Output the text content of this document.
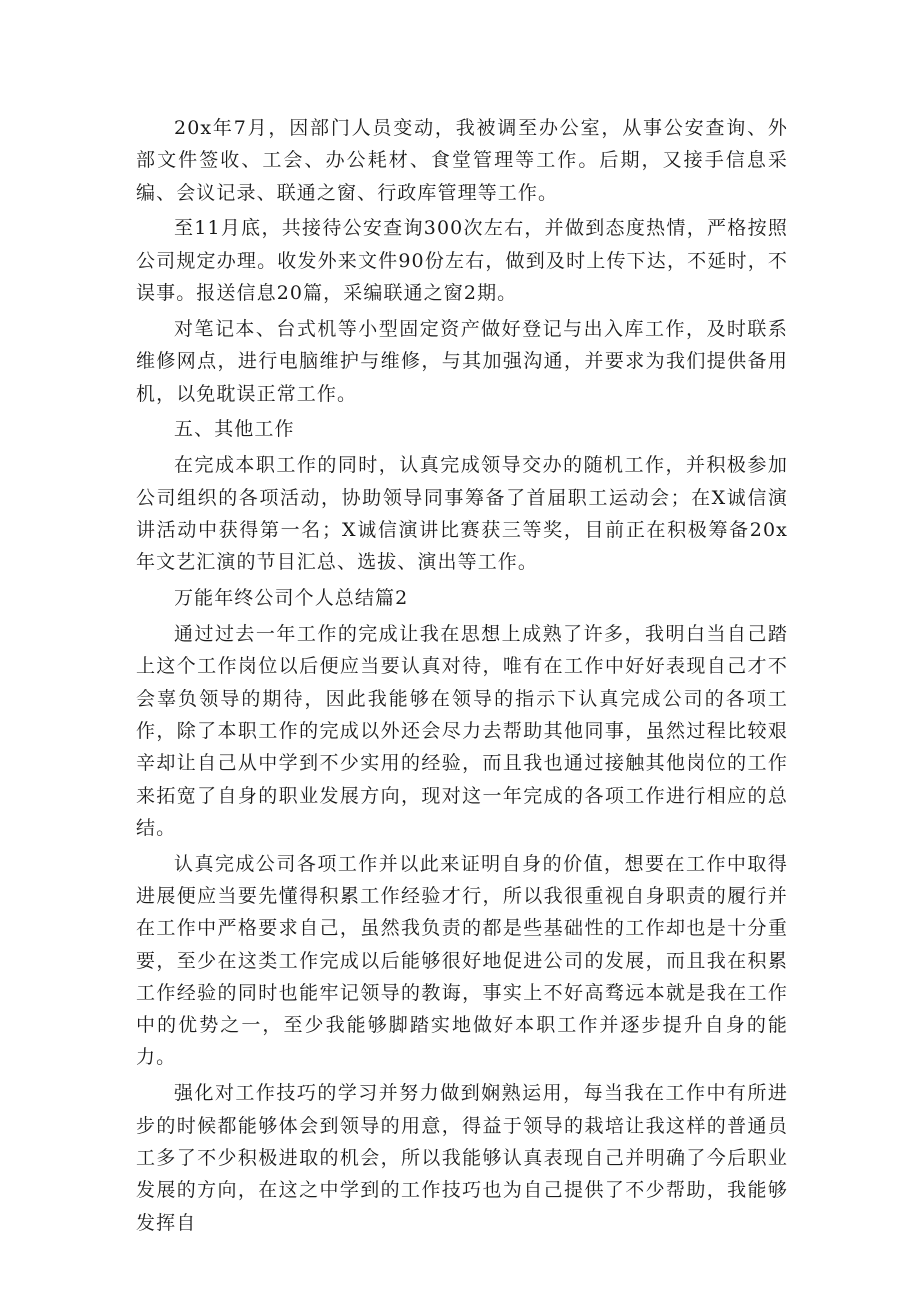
20x年7月，因部门人员变动，我被调至办公室，从事公安查询、外部文件签收、工会、办公耗材、食堂管理等工作。后期，又接手信息采编、会议记录、联通之窗、行政库管理等工作。

至11月底，共接待公安查询300次左右，并做到态度热情，严格按照公司规定办理。收发外来文件90份左右，做到及时上传下达，不延时，不误事。报送信息20篇，采编联通之窗2期。

对笔记本、台式机等小型固定资产做好登记与出入库工作，及时联系维修网点，进行电脑维护与维修，与其加强沟通，并要求为我们提供备用机，以免耽误正常工作。

五、其他工作

在完成本职工作的同时，认真完成领导交办的随机工作，并积极参加公司组织的各项活动，协助领导同事筹备了首届职工运动会；在X诚信演讲活动中获得第一名；X诚信演讲比赛获三等奖，目前正在积极筹备20x年文艺汇演的节目汇总、选拔、演出等工作。

万能年终公司个人总结篇2

通过过去一年工作的完成让我在思想上成熟了许多，我明白当自己踏上这个工作岗位以后便应当要认真对待，唯有在工作中好好表现自己才不会辜负领导的期待，因此我能够在领导的指示下认真完成公司的各项工作，除了本职工作的完成以外还会尽力去帮助其他同事，虽然过程比较艰辛却让自己从中学到不少实用的经验，而且我也通过接触其他岗位的工作来拓宽了自身的职业发展方向，现对这一年完成的各项工作进行相应的总结。

认真完成公司各项工作并以此来证明自身的价值，想要在工作中取得进展便应当要先懂得积累工作经验才行，所以我很重视自身职责的履行并在工作中严格要求自己，虽然我负责的都是些基础性的工作却也是十分重要，至少在这类工作完成以后能够很好地促进公司的发展，而且我在积累工作经验的同时也能牢记领导的教诲，事实上不好高骛远本就是我在工作中的优势之一，至少我能够脚踏实地做好本职工作并逐步提升自身的能力。

强化对工作技巧的学习并努力做到娴熟运用，每当我在工作中有所进步的时候都能够体会到领导的用意，得益于领导的栽培让我这样的普通员工多了不少积极进取的机会，所以我能够认真表现自己并明确了今后职业发展的方向，在这之中学到的工作技巧也为自己提供了不少帮助，我能够发挥自
